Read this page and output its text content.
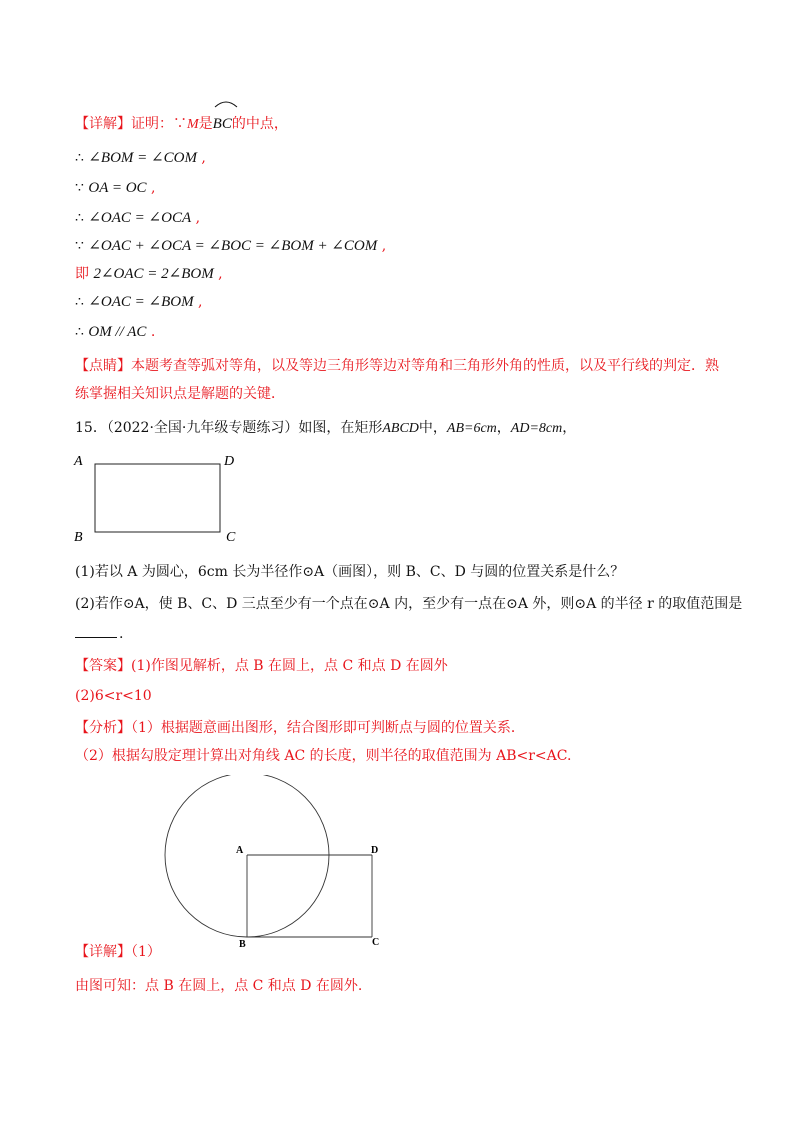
【详解】证明：∵M是
BC的中点，
∴ ∠BOM = ∠COM ,
∵ OA = OC ,
∴ ∠OAC = ∠OCA ,
∵ ∠OAC + ∠OCA = ∠BOC = ∠BOM + ∠COM ,
即 2∠OAC = 2∠BOM ,
∴ ∠OAC = ∠BOM ,
∴ OM // AC .
【点睛】本题考查等弧对等角，以及等边三角形等边对等角和三角形外角的性质，以及平行线的判定．熟
练掌握相关知识点是解题的关键．
15．（2022·全国·九年级专题练习）如图，在矩形ABCD中，AB=6cm，AD=8cm，
A	D
B	C
(1)若以 A 为圆心，6cm 长为半径作⊙A（画图），则 B、C、D 与圆的位置关系是什么？
(2)若作⊙A，使 B、C、D 三点至少有一个点在⊙A 内，至少有一点在⊙A 外，则⊙A 的半径 r 的取值范围是
.
【答案】(1)作图见解析，点 B 在圆上，点 C 和点 D 在圆外
(2)6<r<10
【分析】（1）根据题意画出图形，结合图形即可判断点与圆的位置关系．
（2）根据勾股定理计算出对角线 AC 的长度，则半径的取值范围为 AB<r<AC.
A	D
B	C
【详解】（1）
由图可知：点 B 在圆上，点 C 和点 D 在圆外.
